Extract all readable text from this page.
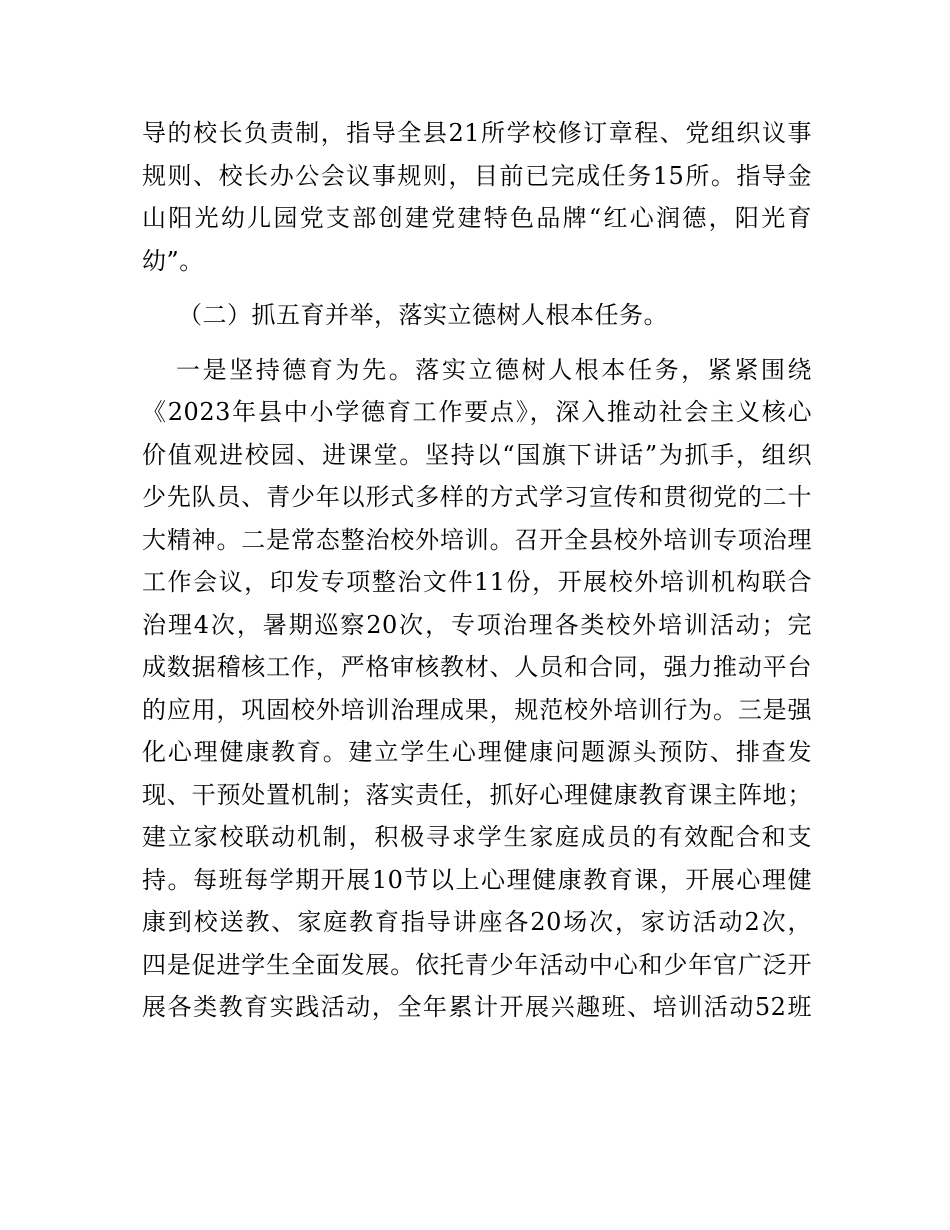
导的校长负责制，指导全县21所学校修订章程、党组织议事
规则、校长办公会议事规则，目前已完成任务15所。指导金
山阳光幼儿园党支部创建党建特色品牌“红心润德，阳光育
幼”。
（二）抓五育并举，落实立德树人根本任务。
一是坚持德育为先。落实立德树人根本任务，紧紧围绕
《2023年县中小学德育工作要点》，深入推动社会主义核心
价值观进校园、进课堂。坚持以“国旗下讲话”为抓手，组织
少先队员、青少年以形式多样的方式学习宣传和贯彻党的二十
大精神。二是常态整治校外培训。召开全县校外培训专项治理
工作会议，印发专项整治文件11份，开展校外培训机构联合
治理4次，暑期巡察20次，专项治理各类校外培训活动；完
成数据稽核工作，严格审核教材、人员和合同，强力推动平台
的应用，巩固校外培训治理成果，规范校外培训行为。三是强
化心理健康教育。建立学生心理健康问题源头预防、排查发
现、干预处置机制；落实责任，抓好心理健康教育课主阵地；
建立家校联动机制，积极寻求学生家庭成员的有效配合和支
持。每班每学期开展10节以上心理健康教育课，开展心理健
康到校送教、家庭教育指导讲座各20场次，家访活动2次，
四是促进学生全面发展。依托青少年活动中心和少年官广泛开
展各类教育实践活动，全年累计开展兴趣班、培训活动52班
